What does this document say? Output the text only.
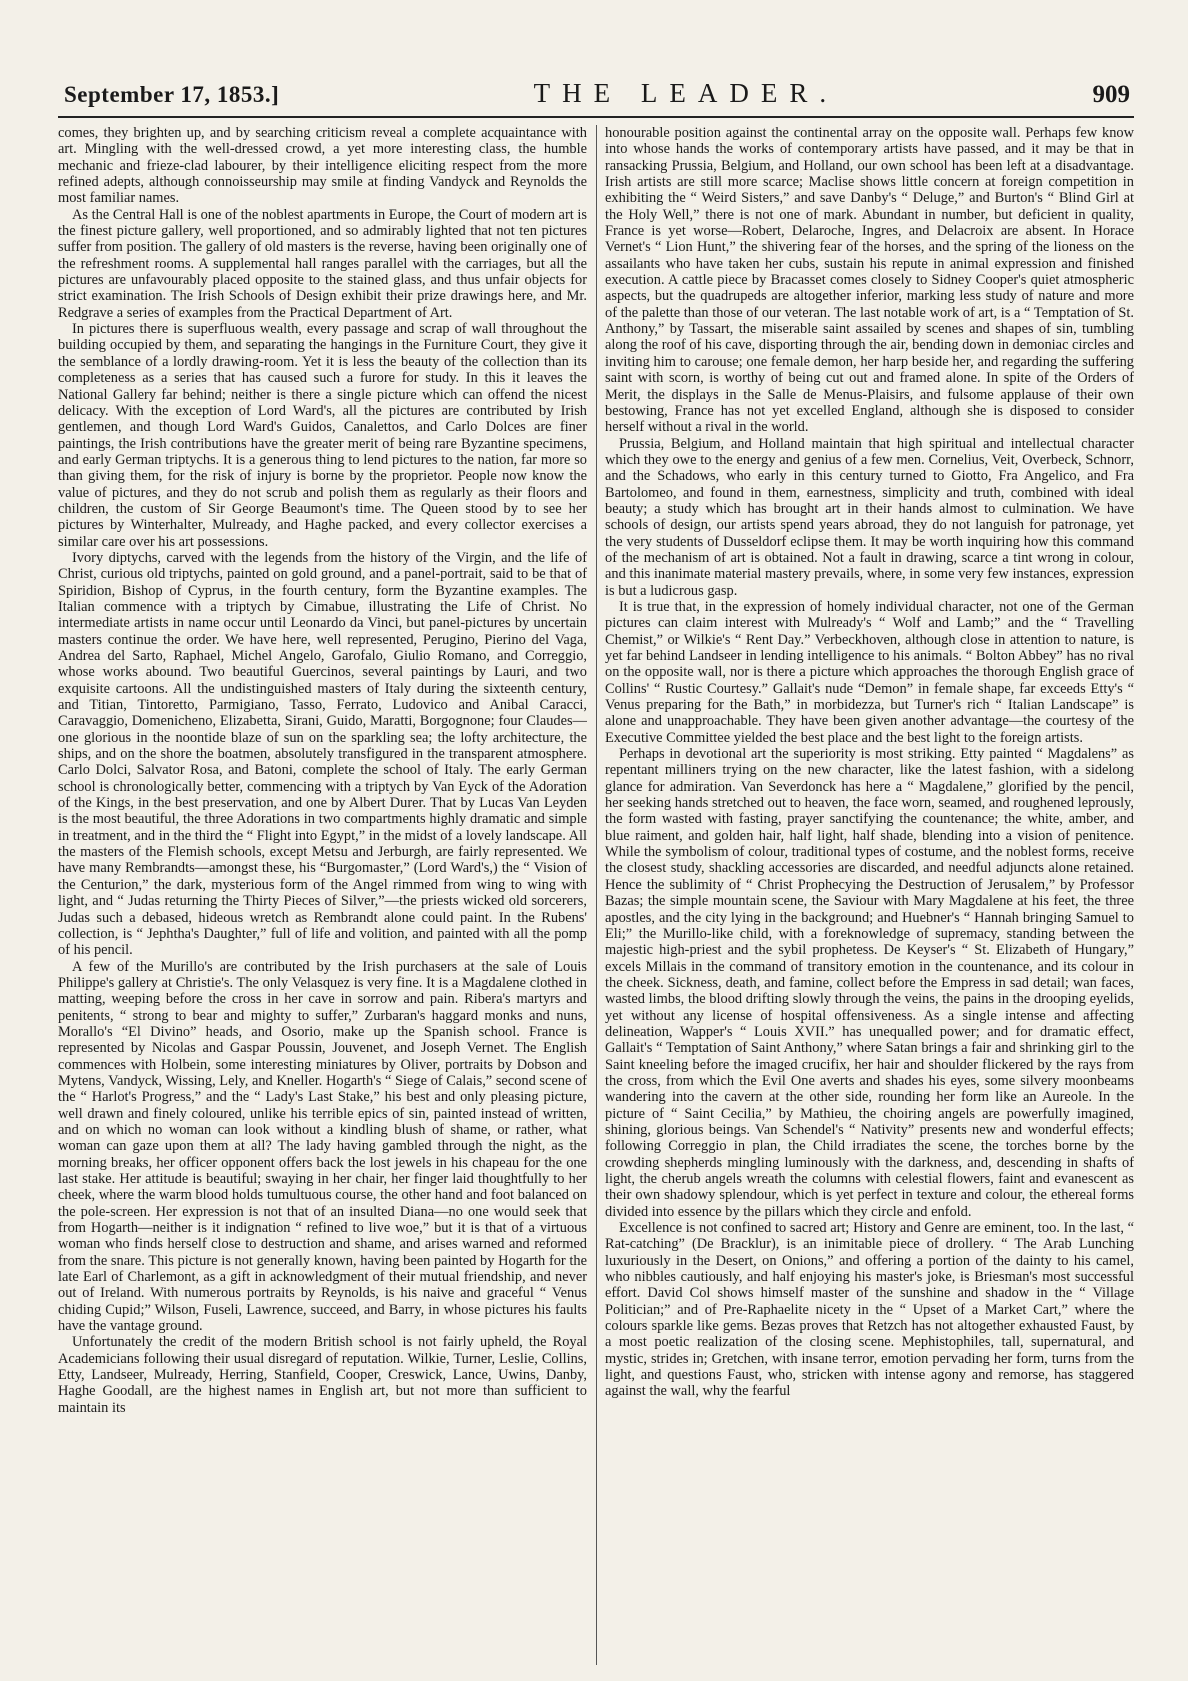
September 17, 1853.]	THE LEADER.	909

comes, they brighten up, and by searching criticism reveal a complete acquaintance with art. Mingling with the well-dressed crowd, a yet more interesting class, the humble mechanic and frieze-clad labourer, by their intelligence eliciting respect from the more refined adepts, although connoisseurship may smile at finding Vandyck and Reynolds the most familiar names.

As the Central Hall is one of the noblest apartments in Europe, the Court of modern art is the finest picture gallery, well proportioned, and so admirably lighted that not ten pictures suffer from position. The gallery of old masters is the reverse, having been originally one of the refreshment rooms. A supplemental hall ranges parallel with the carriages, but all the pictures are unfavourably placed opposite to the stained glass, and thus unfair objects for strict examination. The Irish Schools of Design exhibit their prize drawings here, and Mr. Redgrave a series of examples from the Practical Department of Art.

In pictures there is superfluous wealth, every passage and scrap of wall throughout the building occupied by them, and separating the hangings in the Furniture Court, they give it the semblance of a lordly drawing-room. Yet it is less the beauty of the collection than its completeness as a series that has caused such a furore for study. In this it leaves the National Gallery far behind; neither is there a single picture which can offend the nicest delicacy. With the exception of Lord Ward's, all the pictures are contributed by Irish gentlemen, and though Lord Ward's Guidos, Canalettos, and Carlo Dolces are finer paintings, the Irish contributions have the greater merit of being rare Byzantine specimens, and early German triptychs. It is a generous thing to lend pictures to the nation, far more so than giving them, for the risk of injury is borne by the proprietor. People now know the value of pictures, and they do not scrub and polish them as regularly as their floors and children, the custom of Sir George Beaumont's time. The Queen stood by to see her pictures by Winterhalter, Mulready, and Haghe packed, and every collector exercises a similar care over his art possessions.

Ivory diptychs, carved with the legends from the history of the Virgin, and the life of Christ, curious old triptychs, painted on gold ground, and a panel-portrait, said to be that of Spiridion, Bishop of Cyprus, in the fourth century, form the Byzantine examples. The Italian commence with a triptych by Cimabue, illustrating the Life of Christ. No intermediate artists in name occur until Leonardo da Vinci, but panel-pictures by uncertain masters continue the order. We have here, well represented, Perugino, Pierino del Vaga, Andrea del Sarto, Raphael, Michel Angelo, Garofalo, Giulio Romano, and Correggio, whose works abound. Two beautiful Guercinos, several paintings by Lauri, and two exquisite cartoons. All the undistinguished masters of Italy during the sixteenth century, and Titian, Tintoretto, Parmigiano, Tasso, Ferrato, Ludovico and Anibal Caracci, Caravaggio, Domenicheno, Elizabetta, Sirani, Guido, Maratti, Borgognone; four Claudes—one glorious in the noontide blaze of sun on the sparkling sea; the lofty architecture, the ships, and on the shore the boatmen, absolutely transfigured in the transparent atmosphere. Carlo Dolci, Salvator Rosa, and Batoni, complete the school of Italy. The early German school is chronologically better, commencing with a triptych by Van Eyck of the Adoration of the Kings, in the best preservation, and one by Albert Durer. That by Lucas Van Leyden is the most beautiful, the three Adorations in two compartments highly dramatic and simple in treatment, and in the third the “ Flight into Egypt,” in the midst of a lovely landscape. All the masters of the Flemish schools, except Metsu and Jerburgh, are fairly represented. We have many Rembrandts—amongst these, his “Burgomaster,” (Lord Ward's,) the “ Vision of the Centurion,” the dark, mysterious form of the Angel rimmed from wing to wing with light, and “ Judas returning the Thirty Pieces of Silver,”—the priests wicked old sorcerers, Judas such a debased, hideous wretch as Rembrandt alone could paint. In the Rubens' collection, is “ Jephtha's Daughter,” full of life and volition, and painted with all the pomp of his pencil.

A few of the Murillo's are contributed by the Irish purchasers at the sale of Louis Philippe's gallery at Christie's. The only Velasquez is very fine. It is a Magdalene clothed in matting, weeping before the cross in her cave in sorrow and pain. Ribera's martyrs and penitents, “ strong to bear and mighty to suffer,” Zurbaran's haggard monks and nuns, Morallo's “El Divino” heads, and Osorio, make up the Spanish school. France is represented by Nicolas and Gaspar Poussin, Jouvenet, and Joseph Vernet. The English commences with Holbein, some interesting miniatures by Oliver, portraits by Dobson and Mytens, Vandyck, Wissing, Lely, and Kneller. Hogarth's “ Siege of Calais,” second scene of the “ Harlot's Progress,” and the “ Lady's Last Stake,” his best and only pleasing picture, well drawn and finely coloured, unlike his terrible epics of sin, painted instead of written, and on which no woman can look without a kindling blush of shame, or rather, what woman can gaze upon them at all? The lady having gambled through the night, as the morning breaks, her officer opponent offers back the lost jewels in his chapeau for the one last stake. Her attitude is beautiful; swaying in her chair, her finger laid thoughtfully to her cheek, where the warm blood holds tumultuous course, the other hand and foot balanced on the pole-screen. Her expression is not that of an insulted Diana—no one would seek that from Hogarth—neither is it indignation “ refined to live woe,” but it is that of a virtuous woman who finds herself close to destruction and shame, and arises warned and reformed from the snare. This picture is not generally known, having been painted by Hogarth for the late Earl of Charlemont, as a gift in acknowledgment of their mutual friendship, and never out of Ireland. With numerous portraits by Reynolds, is his naive and graceful “ Venus chiding Cupid;” Wilson, Fuseli, Lawrence, succeed, and Barry, in whose pictures his faults have the vantage ground.

Unfortunately the credit of the modern British school is not fairly upheld, the Royal Academicians following their usual disregard of reputation. Wilkie, Turner, Leslie, Collins, Etty, Landseer, Mulready, Herring, Stanfield, Cooper, Creswick, Lance, Uwins, Danby, Haghe Goodall, are the highest names in English art, but not more than sufficient to maintain its

honourable position against the continental array on the opposite wall. Perhaps few know into whose hands the works of contemporary artists have passed, and it may be that in ransacking Prussia, Belgium, and Holland, our own school has been left at a disadvantage. Irish artists are still more scarce; Maclise shows little concern at foreign competition in exhibiting the “ Weird Sisters,” and save Danby's “ Deluge,” and Burton's “ Blind Girl at the Holy Well,” there is not one of mark. Abundant in number, but deficient in quality, France is yet worse—Robert, Delaroche, Ingres, and Delacroix are absent. In Horace Vernet's “ Lion Hunt,” the shivering fear of the horses, and the spring of the lioness on the assailants who have taken her cubs, sustain his repute in animal expression and finished execution. A cattle piece by Bracasset comes closely to Sidney Cooper's quiet atmospheric aspects, but the quadrupeds are altogether inferior, marking less study of nature and more of the palette than those of our veteran. The last notable work of art, is a “ Temptation of St. Anthony,” by Tassart, the miserable saint assailed by scenes and shapes of sin, tumbling along the roof of his cave, disporting through the air, bending down in demoniac circles and inviting him to carouse; one female demon, her harp beside her, and regarding the suffering saint with scorn, is worthy of being cut out and framed alone. In spite of the Orders of Merit, the displays in the Salle de Menus-Plaisirs, and fulsome applause of their own bestowing, France has not yet excelled England, although she is disposed to consider herself without a rival in the world.

Prussia, Belgium, and Holland maintain that high spiritual and intellectual character which they owe to the energy and genius of a few men. Cornelius, Veit, Overbeck, Schnorr, and the Schadows, who early in this century turned to Giotto, Fra Angelico, and Fra Bartolomeo, and found in them, earnestness, simplicity and truth, combined with ideal beauty; a study which has brought art in their hands almost to culmination. We have schools of design, our artists spend years abroad, they do not languish for patronage, yet the very students of Dusseldorf eclipse them. It may be worth inquiring how this command of the mechanism of art is obtained. Not a fault in drawing, scarce a tint wrong in colour, and this inanimate material mastery prevails, where, in some very few instances, expression is but a ludicrous gasp.

It is true that, in the expression of homely individual character, not one of the German pictures can claim interest with Mulready's “ Wolf and Lamb;” and the “ Travelling Chemist,” or Wilkie's “ Rent Day.” Verbeckhoven, although close in attention to nature, is yet far behind Landseer in lending intelligence to his animals. “ Bolton Abbey” has no rival on the opposite wall, nor is there a picture which approaches the thorough English grace of Collins' “ Rustic Courtesy.” Gallait's nude “Demon” in female shape, far exceeds Etty's “ Venus preparing for the Bath,” in morbidezza, but Turner's rich “ Italian Landscape” is alone and unapproachable. They have been given another advantage—the courtesy of the Executive Committee yielded the best place and the best light to the foreign artists.

Perhaps in devotional art the superiority is most striking. Etty painted “ Magdalens” as repentant milliners trying on the new character, like the latest fashion, with a sidelong glance for admiration. Van Severdonck has here a “ Magdalene,” glorified by the pencil, her seeking hands stretched out to heaven, the face worn, seamed, and roughened leprously, the form wasted with fasting, prayer sanctifying the countenance; the white, amber, and blue raiment, and golden hair, half light, half shade, blending into a vision of penitence. While the symbolism of colour, traditional types of costume, and the noblest forms, receive the closest study, shackling accessories are discarded, and needful adjuncts alone retained. Hence the sublimity of “ Christ Prophecying the Destruction of Jerusalem,” by Professor Bazas; the simple mountain scene, the Saviour with Mary Magdalene at his feet, the three apostles, and the city lying in the background; and Huebner's “ Hannah bringing Samuel to Eli;” the Murillo-like child, with a foreknowledge of supremacy, standing between the majestic high-priest and the sybil prophetess. De Keyser's “ St. Elizabeth of Hungary,” excels Millais in the command of transitory emotion in the countenance, and its colour in the cheek. Sickness, death, and famine, collect before the Empress in sad detail; wan faces, wasted limbs, the blood drifting slowly through the veins, the pains in the drooping eyelids, yet without any license of hospital offensiveness. As a single intense and affecting delineation, Wapper's “ Louis XVII.” has unequalled power; and for dramatic effect, Gallait's “ Temptation of Saint Anthony,” where Satan brings a fair and shrinking girl to the Saint kneeling before the imaged crucifix, her hair and shoulder flickered by the rays from the cross, from which the Evil One averts and shades his eyes, some silvery moonbeams wandering into the cavern at the other side, rounding her form like an Aureole. In the picture of “ Saint Cecilia,” by Mathieu, the choiring angels are powerfully imagined, shining, glorious beings. Van Schendel's “ Nativity” presents new and wonderful effects; following Correggio in plan, the Child irradiates the scene, the torches borne by the crowding shepherds mingling luminously with the darkness, and, descending in shafts of light, the cherub angels wreath the columns with celestial flowers, faint and evanescent as their own shadowy splendour, which is yet perfect in texture and colour, the ethereal forms divided into essence by the pillars which they circle and enfold.

Excellence is not confined to sacred art; History and Genre are eminent, too. In the last, “ Rat-catching” (De Bracklur), is an inimitable piece of drollery. “ The Arab Lunching luxuriously in the Desert, on Onions,” and offering a portion of the dainty to his camel, who nibbles cautiously, and half enjoying his master's joke, is Briesman's most successful effort. David Col shows himself master of the sunshine and shadow in the “ Village Politician;” and of Pre-Raphaelite nicety in the “ Upset of a Market Cart,” where the colours sparkle like gems. Bezas proves that Retzch has not altogether exhausted Faust, by a most poetic realization of the closing scene. Mephistophiles, tall, supernatural, and mystic, strides in; Gretchen, with insane terror, emotion pervading her form, turns from the light, and questions Faust, who, stricken with intense agony and remorse, has staggered against the wall, why the fearful
